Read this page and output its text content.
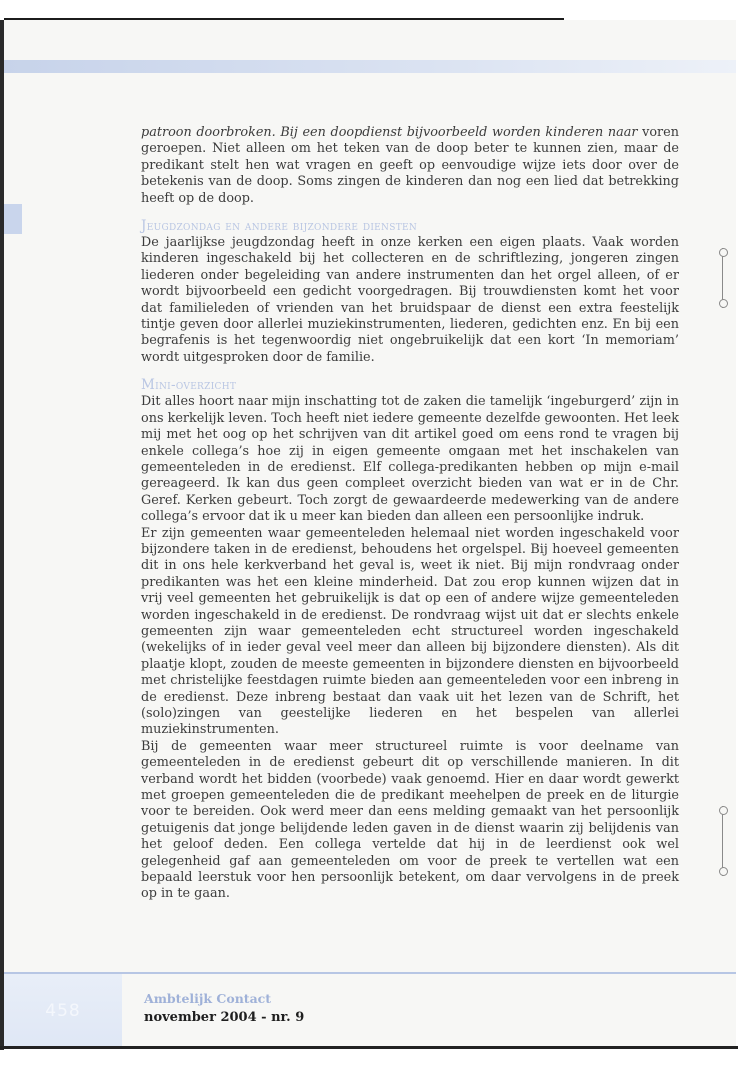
458

patroon doorbroken. Bij een doopdienst bijvoorbeeld worden kinderen naar voren geroepen. Niet alleen om het teken van de doop beter te kunnen zien, maar de predikant stelt hen wat vragen en geeft op eenvoudige wijze iets door over de betekenis van de doop. Soms zingen de kinderen dan nog een lied dat betrekking heeft op de doop.

Jeugdzondag en andere bijzondere diensten

De jaarlijkse jeugdzondag heeft in onze kerken een eigen plaats. Vaak worden kinderen ingeschakeld bij het collecteren en de schriftlezing, jongeren zingen liederen onder begeleiding van andere instrumenten dan het orgel alleen, of er wordt bijvoorbeeld een gedicht voorgedragen. Bij trouwdiensten komt het voor dat familieleden of vrienden van het bruidspaar de dienst een extra feestelijk tintje geven door allerlei muziekinstrumenten, liederen, gedichten enz. En bij een begrafenis is het tegenwoordig niet ongebruikelijk dat een kort ‘In memoriam’ wordt uitgesproken door de familie.

Mini-overzicht

Dit alles hoort naar mijn inschatting tot de zaken die tamelijk ‘ingeburgerd’ zijn in ons kerkelijk leven. Toch heeft niet iedere gemeente dezelfde gewoonten. Het leek mij met het oog op het schrijven van dit artikel goed om eens rond te vragen bij enkele collega’s hoe zij in eigen gemeente omgaan met het inschakelen van gemeenteleden in de eredienst. Elf collega-predikanten hebben op mijn e-mail gereageerd. Ik kan dus geen compleet overzicht bieden van wat er in de Chr. Geref. Kerken gebeurt. Toch zorgt de gewaardeerde medewerking van de andere collega’s ervoor dat ik u meer kan bieden dan alleen een persoonlijke indruk.

Er zijn gemeenten waar gemeenteleden helemaal niet worden ingeschakeld voor bijzondere taken in de eredienst, behoudens het orgelspel. Bij hoeveel gemeenten dit in ons hele kerkverband het geval is, weet ik niet. Bij mijn rondvraag onder predikanten was het een kleine minderheid. Dat zou erop kunnen wijzen dat in vrij veel gemeenten het gebruikelijk is dat op een of andere wijze gemeenteleden worden ingeschakeld in de eredienst. De rondvraag wijst uit dat er slechts enkele gemeenten zijn waar gemeenteleden echt structureel worden ingeschakeld (wekelijks of in ieder geval veel meer dan alleen bij bijzondere diensten). Als dit plaatje klopt, zouden de meeste gemeenten in bijzondere diensten en bijvoorbeeld met christelijke feestdagen ruimte bieden aan gemeenteleden voor een inbreng in de eredienst. Deze inbreng bestaat dan vaak uit het lezen van de Schrift, het (solo)zingen van geestelijke liederen en het bespelen van allerlei muziekinstrumenten.

Bij de gemeenten waar meer structureel ruimte is voor deelname van gemeenteleden in de eredienst gebeurt dit op verschillende manieren. In dit verband wordt het bidden (voorbede) vaak genoemd. Hier en daar wordt gewerkt met groepen gemeenteleden die de predikant meehelpen de preek en de liturgie voor te bereiden. Ook werd meer dan eens melding gemaakt van het persoonlijk getuigenis dat jonge belijdende leden gaven in de dienst waarin zij belijdenis van het geloof deden. Een collega vertelde dat hij in de leerdienst ook wel gelegenheid gaf aan gemeenteleden om voor de preek te vertellen wat een bepaald leerstuk voor hen persoonlijk betekent, om daar vervolgens in de preek op in te gaan.

Ambtelijk Contact
november 2004 - nr. 9
